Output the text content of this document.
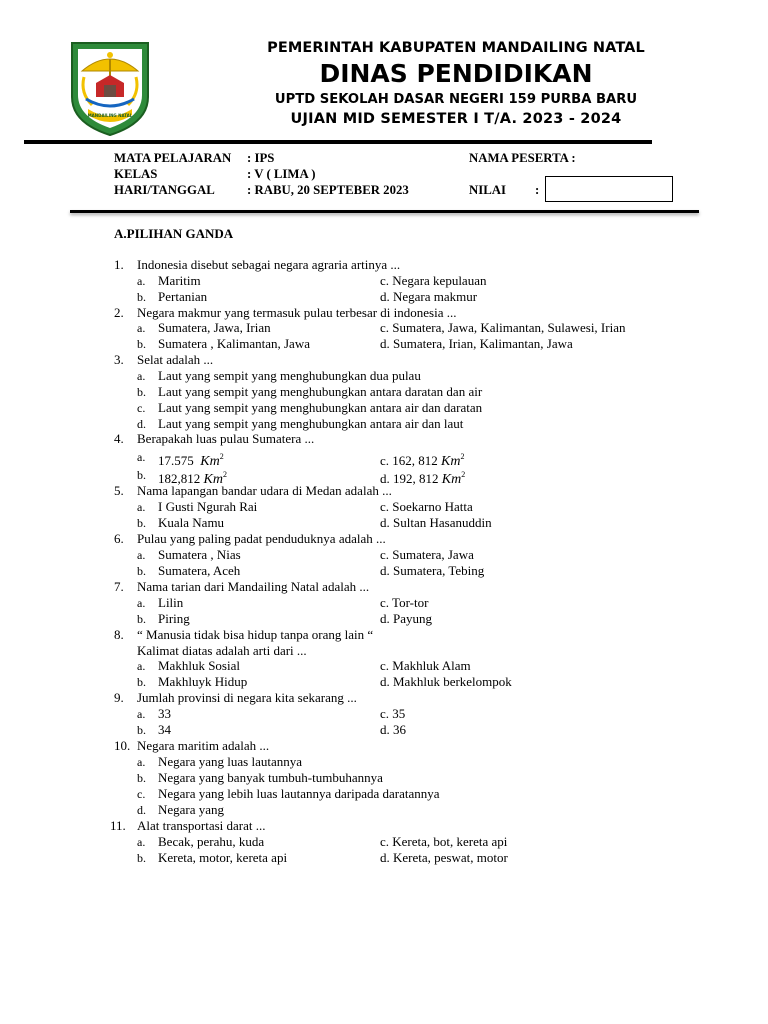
MANDAILING NATAL
PEMERINTAH KABUPATEN MANDAILING NATAL
DINAS PENDIDIKAN
UPTD SEKOLAH DASAR NEGERI 159 PURBA BARU
UJIAN MID SEMESTER I T/A. 2023 - 2024
MATA PELAJARAN : IPS	NAMA PESERTA :
KELAS	: V ( LIMA )
HARI/TANGGAL	: RABU, 20 SEPTEBER 2023	NILAI :
A.PILIHAN GANDA
1. Indonesia disebut sebagai negara agraria artinya ...
a. Maritim	c. Negara kepulauan
b. Pertanian	d. Negara makmur
2. Negara makmur yang termasuk pulau terbesar di indonesia ...
a. Sumatera, Jawa, Irian	c. Sumatera, Jawa, Kalimantan, Sulawesi, Irian
b. Sumatera , Kalimantan, Jawa	d. Sumatera, Irian, Kalimantan, Jawa
3. Selat adalah ...
a. Laut yang sempit yang menghubungkan dua pulau
b. Laut yang sempit yang menghubungkan antara daratan dan air
c. Laut yang sempit yang menghubungkan antara air dan daratan
d. Laut yang sempit yang menghubungkan antara air dan laut
4. Berapakah luas pulau Sumatera ...
a. 17.575 Km$^2$	c. 162, 812 Km$^2$
b. 182,812 Km$^2$	d. 192, 812 Km$^2$
5. Nama lapangan bandar udara di Medan adalah ...
a. I Gusti Ngurah Rai	c. Soekarno Hatta
b. Kuala Namu	d. Sultan Hasanuddin
6. Pulau yang paling padat penduduknya adalah ...
a. Sumatera , Nias	c. Sumatera, Jawa
b. Sumatera, Aceh	d. Sumatera, Tebing
7. Nama tarian dari Mandailing Natal adalah ...
a. Lilin	c. Tor-tor
b. Piring	d. Payung
8. “ Manusia tidak bisa hidup tanpa orang lain “
Kalimat diatas adalah arti dari ...
a. Makhluk Sosial	c. Makhluk Alam
b. Makhluyk Hidup	d. Makhluk berkelompok
9. Jumlah provinsi di negara kita sekarang ...
a. 33	c. 35
b. 34	d. 36
10. Negara maritim adalah ...
a. Negara yang luas lautannya
b. Negara yang banyak tumbuh-tumbuhannya
c. Negara yang lebih luas lautannya daripada daratannya
d. Negara yang
11. Alat transportasi darat ...
a. Becak, perahu, kuda	c. Kereta, bot, kereta api
b. Kereta, motor, kereta api	d. Kereta, peswat, motor
